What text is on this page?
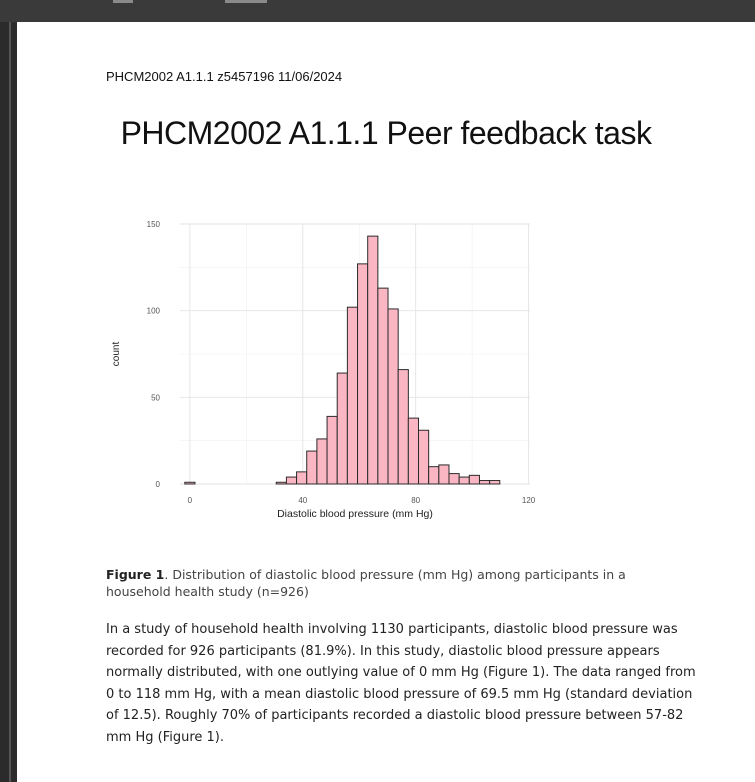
PHCM2002 A1.1.1 z5457196 11/06/2024
PHCM2002 A1.1.1 Peer feedback task
0	40	80	120
0
50
100
150
Diastolic blood pressure (mm Hg)
count
Figure 1. Distribution of diastolic blood pressure (mm Hg) among participants in a household health study (n=926)
In a study of household health involving 1130 participants, diastolic blood pressure was recorded for 926 participants (81.9%). In this study, diastolic blood pressure appears normally distributed, with one outlying value of 0 mm Hg (Figure 1). The data ranged from 0 to 118 mm Hg, with a mean diastolic blood pressure of 69.5 mm Hg (standard deviation of 12.5). Roughly 70% of participants recorded a diastolic blood pressure between 57-82 mm Hg (Figure 1).
